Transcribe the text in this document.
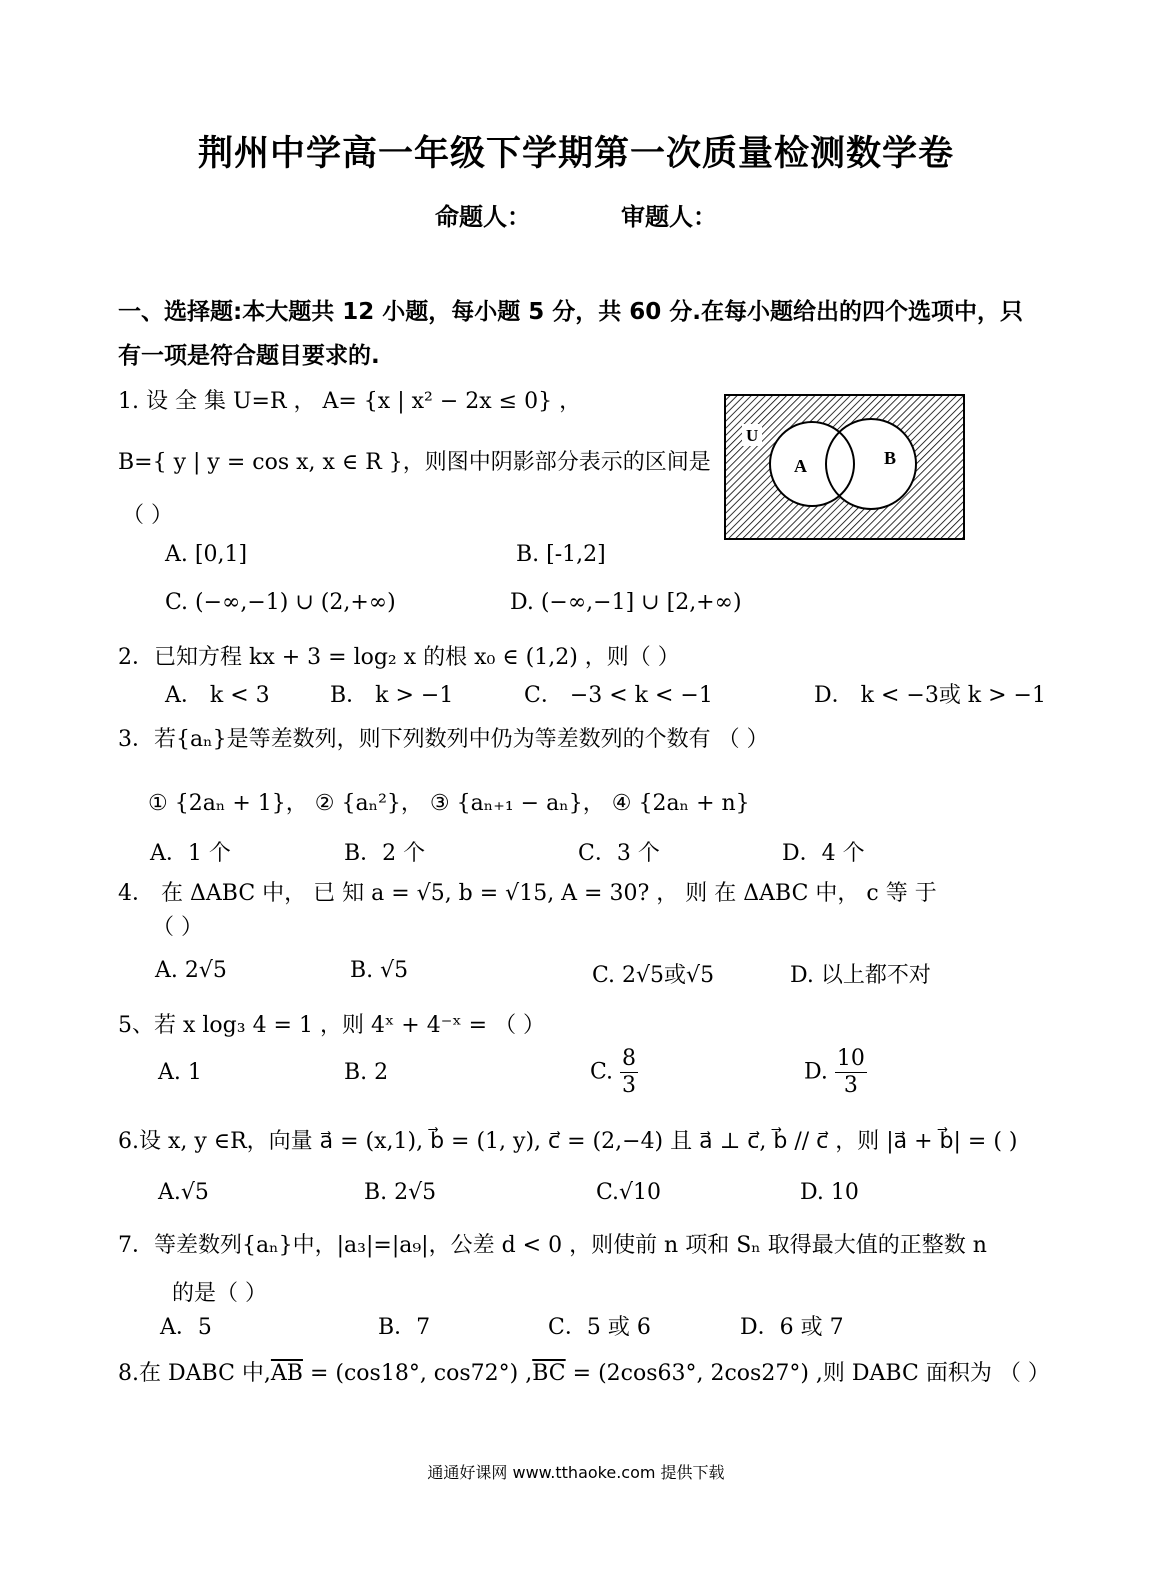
荆州中学高一年级下学期第一次质量检测数学卷
命题人：	审题人：
一、选择题:本大题共 12 小题，每小题 5 分，共 60 分.在每小题给出的四个选项中，只有一项是符合题目要求的.
1. 设 全 集 U=R ， A= {x | x² − 2x ≤ 0} ，
B={ y | y = cos x, x ∈ R }，则图中阴影部分表示的区间是
（ ）
A. [0,1]	B. [-1,2]
C. (−∞,−1) ∪ (2,+∞)	D. (−∞,−1] ∪ [2,+∞)
U
A	B
2．已知方程 kx + 3 = log₂ x 的根 x₀ ∈ (1,2) ，则（ ）
A． k < 3	B． k > −1	C． −3 < k < −1	D． k < −3或 k > −1
3．若{aₙ}是等差数列，则下列数列中仍为等差数列的个数有 （ ）
① {2aₙ + 1}， ② {aₙ²}， ③ {aₙ₊₁ − aₙ}， ④ {2aₙ + n}
A．1 个	B．2 个	C．3 个	D．4 个
4． 在 ΔABC 中， 已 知 a = √5, b = √15, A = 30? ， 则 在 ΔABC 中， c 等 于
（ ）
A. 2√5	B. √5	C. 2√5或√5	D. 以上都不对
5、若 x log₃ 4 = 1 ，则 4ˣ + 4⁻ˣ = （ ）
A. 1	B. 2	C. $\frac{8}{3}$	D. $\frac{10}{3}$
6.设 x, y ∈R，向量 a⃗ = (x,1), b⃗ = (1, y), c⃗ = (2,−4) 且 a⃗ ⊥ c⃗, b⃗ // c⃗ ，则 |a⃗ + b⃗| = ( )
A.√5	B. 2√5	C.√10	D. 10
7．等差数列{aₙ}中，|a₃|=|a₉|，公差 d < 0 ，则使前 n 项和 Sₙ 取得最大值的正整数 n
的是（ ）
A．5	B．7	C．5 或 6	D．6 或 7
8.在 DABC 中$,\overline{AB} = (\cos 18^\circ$, cos72°) $,\overline{BC} = (2\cos 63^\circ$, 2cos27°) ,则 DABC 面积为 （ ）
通通好课网 www.tthaoke.com 提供下载
